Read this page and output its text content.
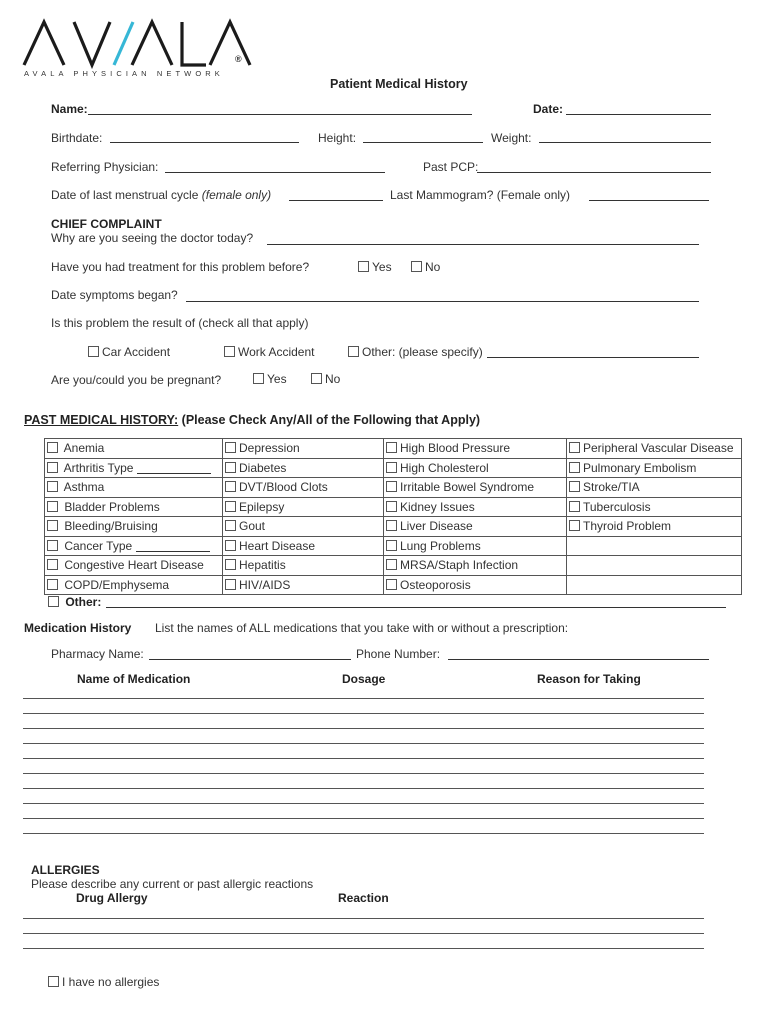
®
AVALA PHYSICIAN NETWORK
Patient Medical History
Name:	Date:
Birthdate:	Height:	Weight:
Referring Physician:	Past PCP:
Date of last menstrual cycle (female only)	Last Mammogram? (Female only)
CHIEF COMPLAINT
Why are you seeing the doctor today?
Have you had treatment for this problem before?	Yes	No
Date symptoms began?
Is this problem the result of (check all that apply)
Car Accident	Work Accident	Other: (please specify)
Are you/could you be pregnant?	Yes	No
PAST MEDICAL HISTORY: (Please Check Any/All of the Following that Apply)
Anemia	Depression	High Blood Pressure	Peripheral Vascular Disease
Arthritis Type	Diabetes	High Cholesterol	Pulmonary Embolism
Asthma	DVT/Blood Clots	Irritable Bowel Syndrome	Stroke/TIA
Bladder Problems	Epilepsy	Kidney Issues	Tuberculosis
Bleeding/Bruising	Gout	Liver Disease	Thyroid Problem
Cancer Type	Heart Disease	Lung Problems	
Congestive Heart Disease	Hepatitis	MRSA/Staph Infection	
COPD/Emphysema	HIV/AIDS	Osteoporosis	
Other:
Medication History List the names of ALL medications that you take with or without a prescription:
Pharmacy Name:	Phone Number:
Name of Medication	Dosage	Reason for Taking
ALLERGIES
Please describe any current or past allergic reactions
Drug Allergy	Reaction
I have no allergies
